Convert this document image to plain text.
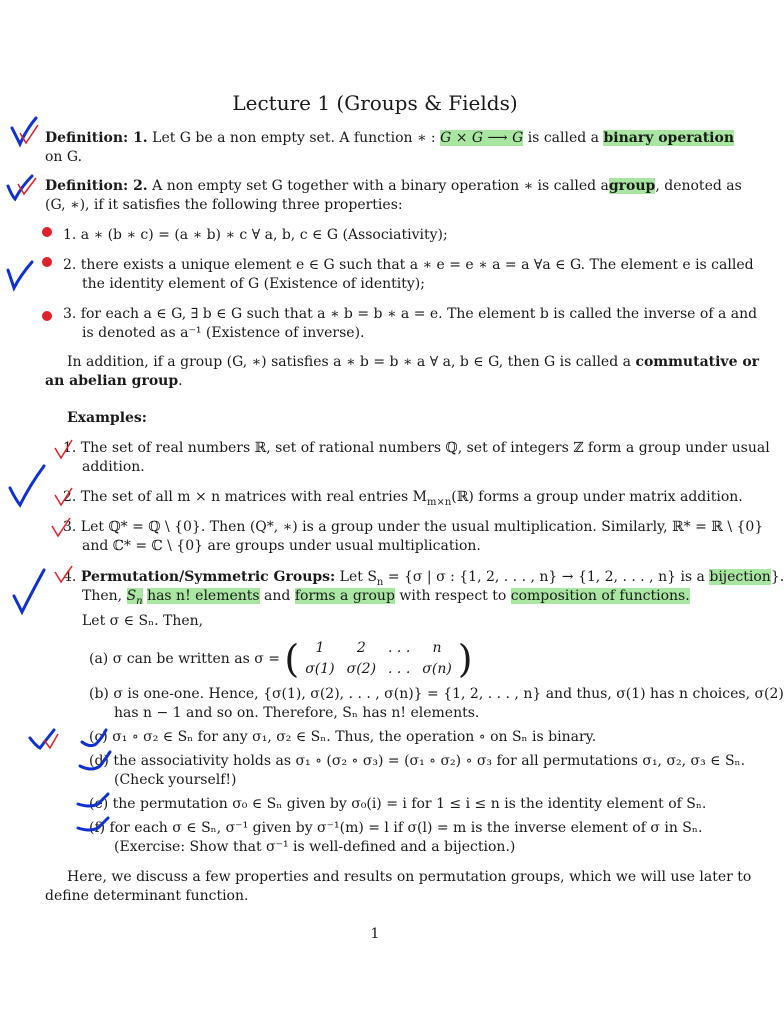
Lecture 1 (Groups & Fields)
Definition: 1. Let G be a non empty set. A function ∗ : G × G ⟶ G is called a binary operation
on G.
Definition: 2. A non empty set G together with a binary operation ∗ is called agroup, denoted as
(G, ∗), if it satisfies the following three properties:
1. a ∗ (b ∗ c) = (a ∗ b) ∗ c ∀ a, b, c ∈ G (Associativity);
2. there exists a unique element e ∈ G such that a ∗ e = e ∗ a = a ∀a ∈ G. The element e is called
the identity element of G (Existence of identity);
3. for each a ∈ G, ∃ b ∈ G such that a ∗ b = b ∗ a = e. The element b is called the inverse of a and
is denoted as a⁻¹ (Existence of inverse).
In addition, if a group (G, ∗) satisfies a ∗ b = b ∗ a ∀ a, b ∈ G, then G is called a commutative or
an abelian group.
Examples:
1. The set of real numbers ℝ, set of rational numbers ℚ, set of integers ℤ form a group under usual
addition.
2. The set of all m × n matrices with real entries $M_{m\times n}(ℝ)$ forms a group under matrix addition.
3. Let ℚ* = ℚ \ {0}. Then (Q*, ∗) is a group under the usual multiplication. Similarly, ℝ* = ℝ \ {0}
and ℂ* = ℂ \ {0} are groups under usual multiplication.
4. Permutation/Symmetric Groups: Let $S_n = \{\sigma$ | σ : {1, 2, . . . , n} → {1, 2, . . . , n} is a bijection}.
Then, $S_n$ has n! elements and forms a group with respect to composition of functions.
Let σ ∈ Sₙ. Then,
(a) σ can be written as σ = ( 1	2	. . .	n
σ(1)	σ(2)	. . .	σ(n) )
(b) σ is one-one. Hence, {σ(1), σ(2), . . . , σ(n)} = {1, 2, . . . , n} and thus, σ(1) has n choices, σ(2)
has n − 1 and so on. Therefore, Sₙ has n! elements.
(c) σ₁ ∘ σ₂ ∈ Sₙ for any σ₁, σ₂ ∈ Sₙ. Thus, the operation ∘ on Sₙ is binary.
(d) the associativity holds as σ₁ ∘ (σ₂ ∘ σ₃) = (σ₁ ∘ σ₂) ∘ σ₃ for all permutations σ₁, σ₂, σ₃ ∈ Sₙ.
(Check yourself!)
(e) the permutation σ₀ ∈ Sₙ given by σ₀(i) = i for 1 ≤ i ≤ n is the identity element of Sₙ.
(f) for each σ ∈ Sₙ, σ⁻¹ given by σ⁻¹(m) = l if σ(l) = m is the inverse element of σ in Sₙ.
(Exercise: Show that σ⁻¹ is well-defined and a bijection.)
Here, we discuss a few properties and results on permutation groups, which we will use later to
define determinant function.
1
